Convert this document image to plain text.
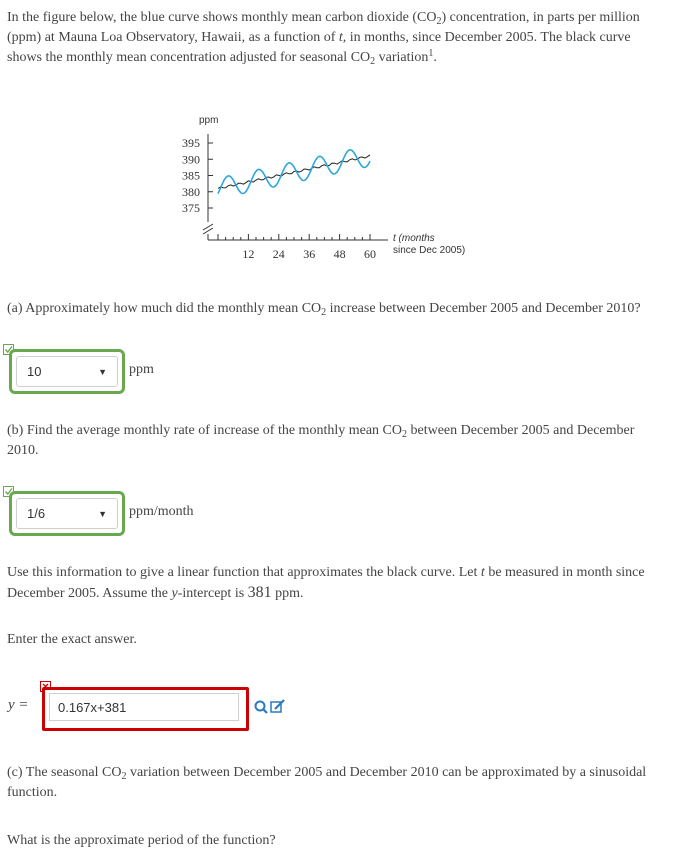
In the figure below, the blue curve shows monthly mean carbon dioxide $(CO_2)$ concentration, in parts per million
(ppm) at Mauna Loa Observatory, Hawaii, as a function of t, in months, since December 2005. The black curve
shows the monthly mean concentration adjusted for seasonal $CO_2$ variation$^1$.
ppm
395
390
385
380
375
12 24 36 48 60
t (months
since Dec 2005)
(a) Approximately how much did the monthly mean $CO_2$ increase between December 2005 and December 2010?
10	▼ ppm
(b) Find the average monthly rate of increase of the monthly mean $CO_2$ between December 2005 and December
2010.
1/6	▼ ppm/month
Use this information to give a linear function that approximates the black curve. Let t be measured in month since
December 2005. Assume the y-intercept is 381 ppm.
Enter the exact answer.
y = 0.167x+381
(c) The seasonal $CO_2$ variation between December 2005 and December 2010 can be approximated by a sinusoidal
function.
What is the approximate period of the function?
